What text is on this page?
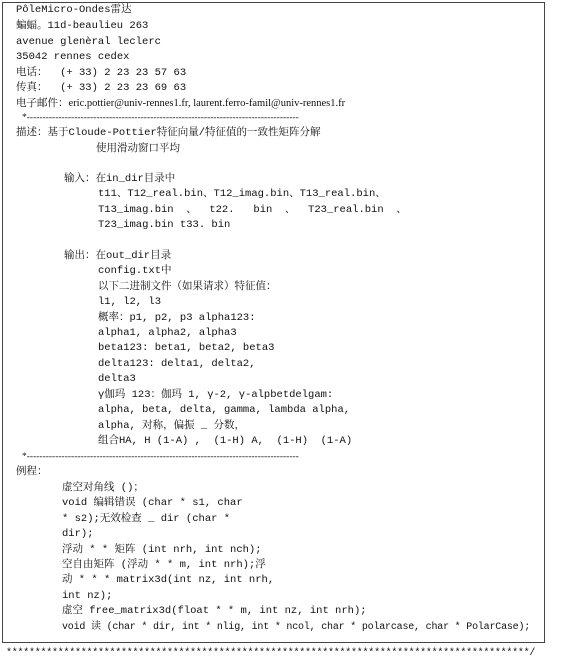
PôleMicro-Ondes雷达
蝙蝠。11d-beaulieu 263
avenue glenèral leclerc
35042 rennes cedex
电话：  (+ 33) 2 23 23 57 63
传真：  (+ 33) 2 23 23 69 63
电子邮件：eric.pottier@univ-rennes1.fr, laurent.ferro-famil@univ-rennes1.fr
*--------------------------------------------------------------------------------------
描述：基于Cloude-Pottier特征向量/特征值的一致性矩阵分解
使用滑动窗口平均
输入：在in_dir目录中
t11、T12_real.bin、T12_imag.bin、T13_real.bin、
T13_imag.bin  、  t22.   bin  、  T23_real.bin  、
T23_imag.bin t33. bin
输出：在out_dir目录
config.txt中
以下二进制文件（如果请求）特征值：
l1, l2, l3
概率：p1, p2, p3 alpha123:
alpha1, alpha2, alpha3
beta123: beta1, beta2, beta3
delta123: delta1, delta2,
delta3
γ伽玛 123：伽玛 1, γ-2, γ-alpbetdelgam:
alpha, beta, delta, gamma, lambda alpha,
alpha, 对称，偏振 _ 分数，
组合HA, H (1-A) ,  (1-H) A,  (1-H)  (1-A)
*--------------------------------------------------------------------------------------
例程：
虚空对角线 ()；
void 编辑错误 (char * s1, char
* s2);无效检查 _ dir (char *
dir);
浮动 * * 矩阵 (int nrh, int nch);
空自由矩阵 (浮动 * * m, int nrh);浮
动 * * * matrix3d(int nz, int nrh,
int nz);
虚空 free_matrix3d(float * * m, int nz, int nrh);
void 读 (char * dir, int * nlig, int * ncol, char * polarcase, char * PolarCase);
*******************************************************************************************/
